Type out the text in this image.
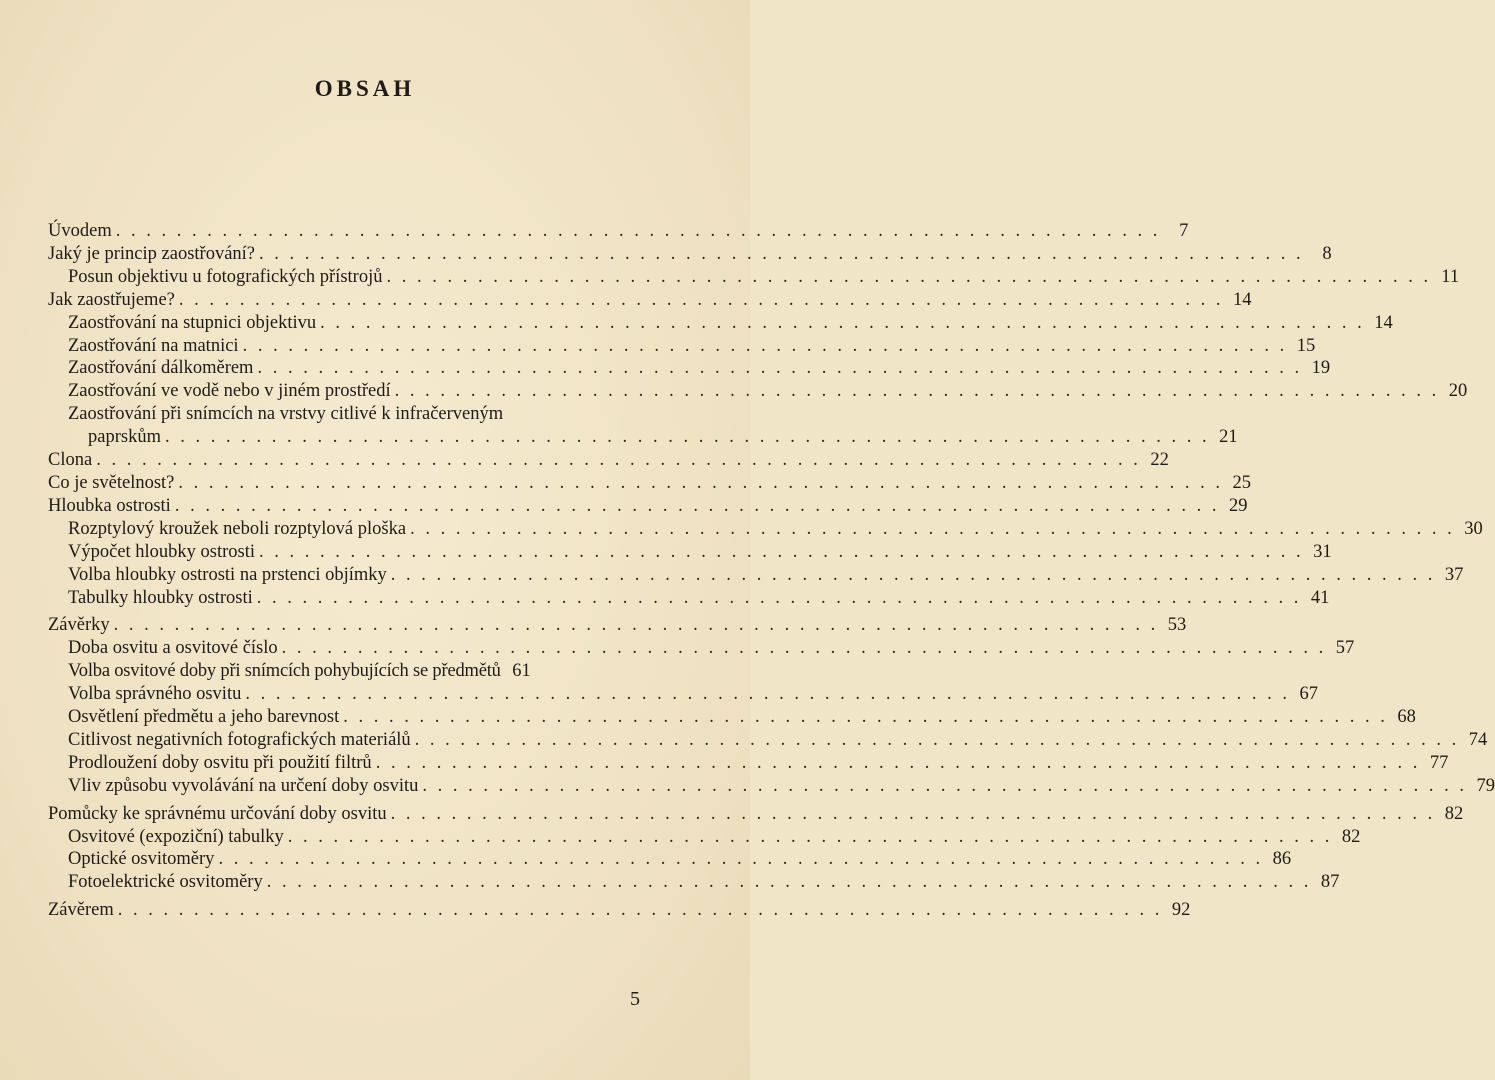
OBSAH
Úvodem . . .	7
Jaký je princip zaostřování? . . .	8
Posun objektivu u fotografických přístrojů . . .	11
Jak zaostřujeme? . . .	14
Zaostřování na stupnici objektivu . . .	14
Zaostřování na matnici . . .	15
Zaostřování dálkoměrem . . .	19
Zaostřování ve vodě nebo v jiném prostředí . . .	20
Zaostřování při snímcích na vrstvy citlivé k infračerveným
paprskům . . .	21
Clona . . .	22
Co je světelnost? . . .	25
Hloubka ostrosti . . .	29
Rozptylový kroužek neboli rozptylová ploška . . .	30
Výpočet hloubky ostrosti . . .	31
Volba hloubky ostrosti na prstenci objímky . . .	37
Tabulky hloubky ostrosti . . .	41
Závěrky . . .	53
Doba osvitu a osvitové číslo . . .	57
Volba osvitové doby při snímcích pohybujících se předmětů 61
Volba správného osvitu . . .	67
Osvětlení předmětu a jeho barevnost . . .	68
Citlivost negativních fotografických materiálů . . .	74
Prodloužení doby osvitu při použití filtrů . . .	77
Vliv způsobu vyvolávání na určení doby osvitu . . .	79
Pomůcky ke správnému určování doby osvitu . . .	82
Osvitové (expoziční) tabulky . . .	82
Optické osvitoměry . . .	86
Fotoelektrické osvitoměry . . .	87
Závěrem . . .	92
5
